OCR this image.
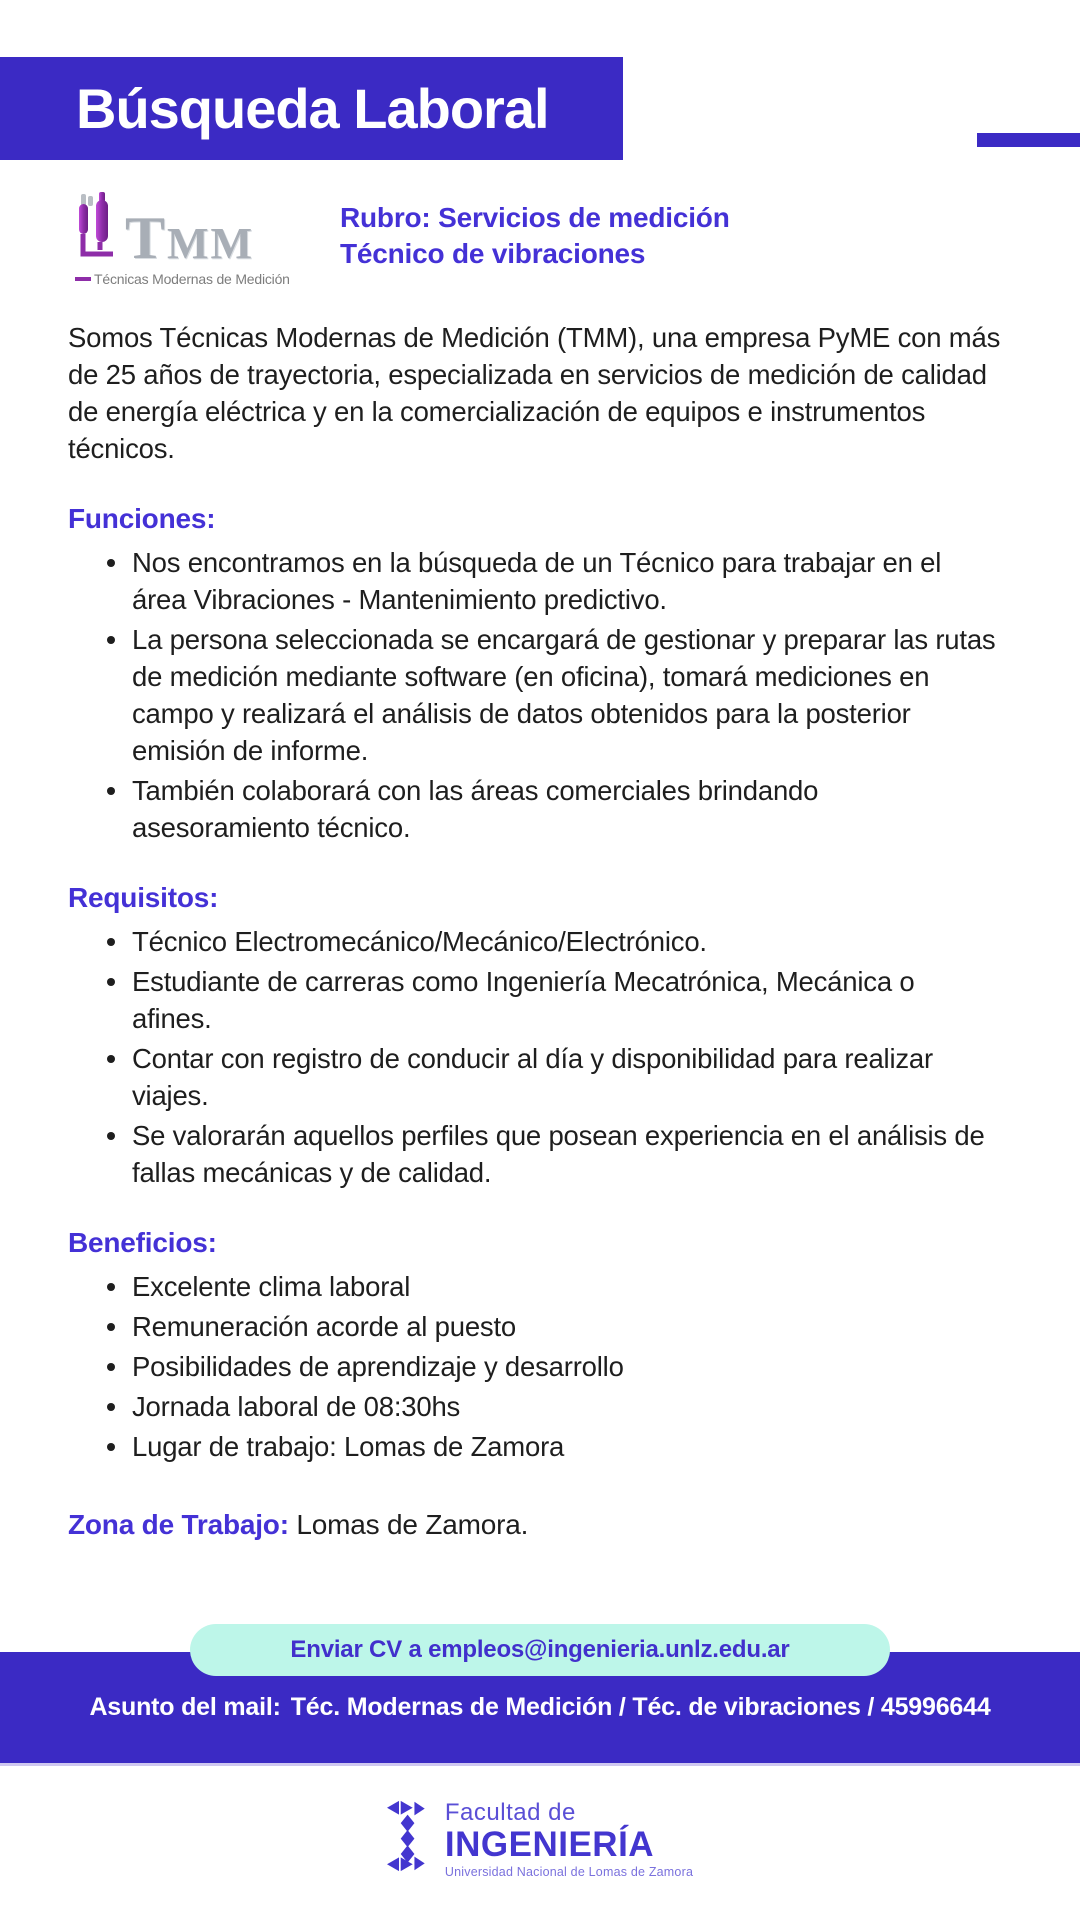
Búsqueda Laboral
TMM
Técnicas Modernas de Medición
Rubro: Servicios de medición
Técnico de vibraciones

Somos Técnicas Modernas de Medición (TMM), una empresa PyME con más de 25 años de trayectoria, especializada en servicios de medición de calidad de energía eléctrica y en la comercialización de equipos e instrumentos técnicos.

Funciones:
Nos encontramos en la búsqueda de un Técnico para trabajar en el área Vibraciones - Mantenimiento predictivo.
La persona seleccionada se encargará de gestionar y preparar las rutas de medición mediante software (en oficina), tomará mediciones en campo y realizará el análisis de datos obtenidos para la posterior emisión de informe.
También colaborará con las áreas comerciales brindando asesoramiento técnico.
Requisitos:
Técnico Electromecánico/Mecánico/Electrónico.
Estudiante de carreras como Ingeniería Mecatrónica, Mecánica o afines.
Contar con registro de conducir al día y disponibilidad para realizar viajes.
Se valorarán aquellos perfiles que posean experiencia en el análisis de fallas mecánicas y de calidad.
Beneficios:
Excelente clima laboral
Remuneración acorde al puesto
Posibilidades de aprendizaje y desarrollo
Jornada laboral de 08:30hs
Lugar de trabajo: Lomas de Zamora

Zona de Trabajo: Lomas de Zamora.

Enviar CV a empleos@ingenieria.unlz.edu.ar
Asunto del mail: Téc. Modernas de Medición / Téc. de vibraciones / 45996644
Facultad de
INGENIERÍA
Universidad Nacional de Lomas de Zamora
